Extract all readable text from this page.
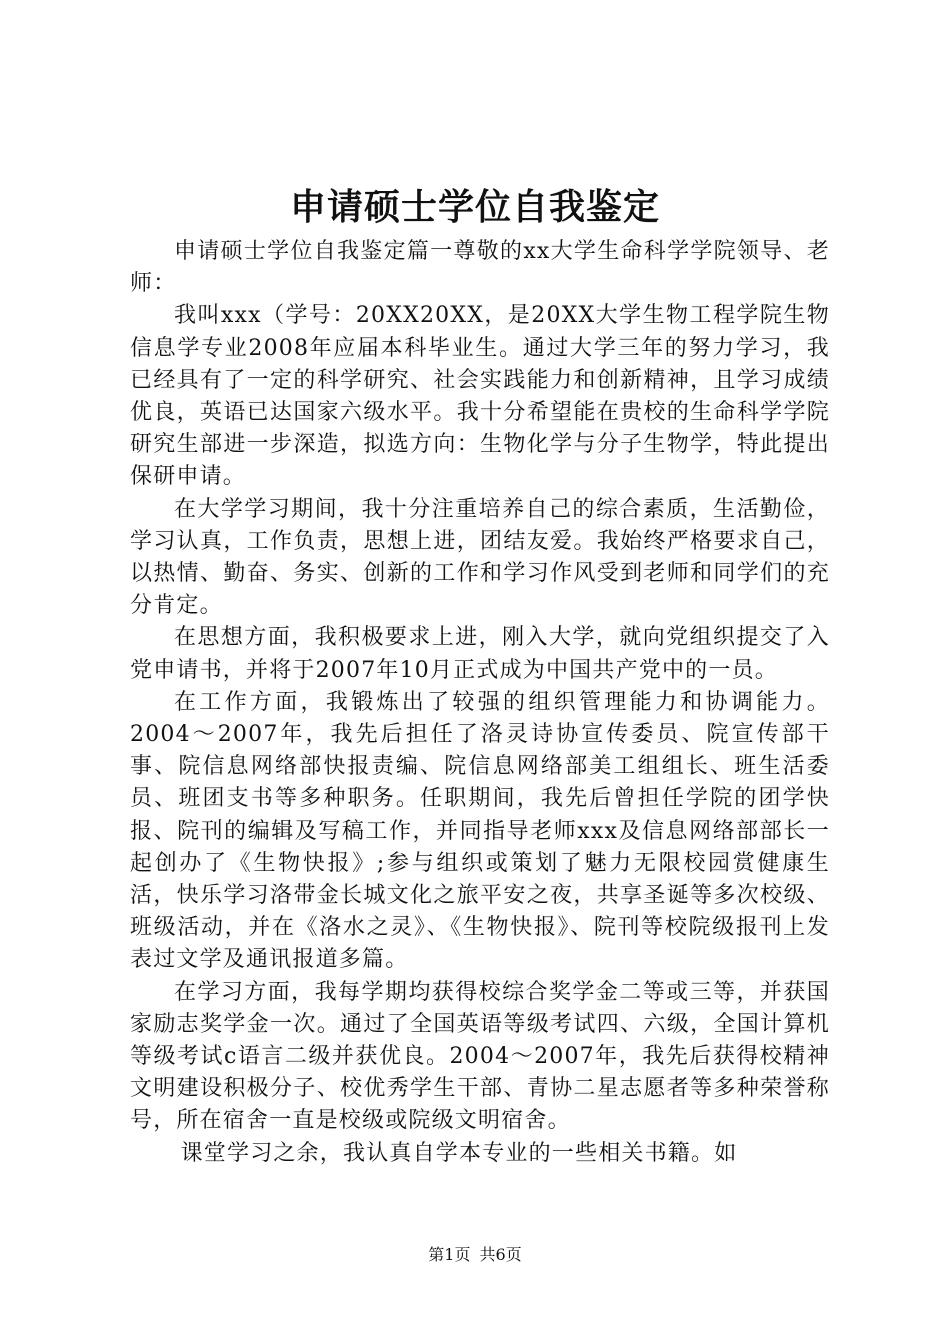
申请硕士学位自我鉴定

申请硕士学位自我鉴定篇一尊敬的xx大学生命科学学院领导、老师：

我叫xxx（学号：20XX20XX，是20XX大学生物工程学院生物信息学专业2008年应届本科毕业生。通过大学三年的努力学习，我已经具有了一定的科学研究、社会实践能力和创新精神，且学习成绩优良，英语已达国家六级水平。我十分希望能在贵校的生命科学学院研究生部进一步深造，拟选方向：生物化学与分子生物学，特此提出保研申请。

在大学学习期间，我十分注重培养自己的综合素质，生活勤俭，学习认真，工作负责，思想上进，团结友爱。我始终严格要求自己，以热情、勤奋、务实、创新的工作和学习作风受到老师和同学们的充分肯定。

在思想方面，我积极要求上进，刚入大学，就向党组织提交了入党申请书，并将于2007年10月正式成为中国共产党中的一员。

在工作方面，我锻炼出了较强的组织管理能力和协调能力。2004～2007年，我先后担任了洛灵诗协宣传委员、院宣传部干事、院信息网络部快报责编、院信息网络部美工组组长、班生活委员、班团支书等多种职务。任职期间，我先后曾担任学院的团学快报、院刊的编辑及写稿工作，并同指导老师xxx及信息网络部部长一起创办了《生物快报》;参与组织或策划了魅力无限校园赏健康生活，快乐学习洛带金长城文化之旅平安之夜，共享圣诞等多次校级、班级活动，并在《洛水之灵》、《生物快报》、院刊等校院级报刊上发表过文学及通讯报道多篇。

在学习方面，我每学期均获得校综合奖学金二等或三等，并获国家励志奖学金一次。通过了全国英语等级考试四、六级，全国计算机等级考试c语言二级并获优良。2004～2007年，我先后获得校精神文明建设积极分子、校优秀学生干部、青协二星志愿者等多种荣誉称号，所在宿舍一直是校级或院级文明宿舍。

课堂学习之余，我认真自学本专业的一些相关书籍。如

第1页 共6页
